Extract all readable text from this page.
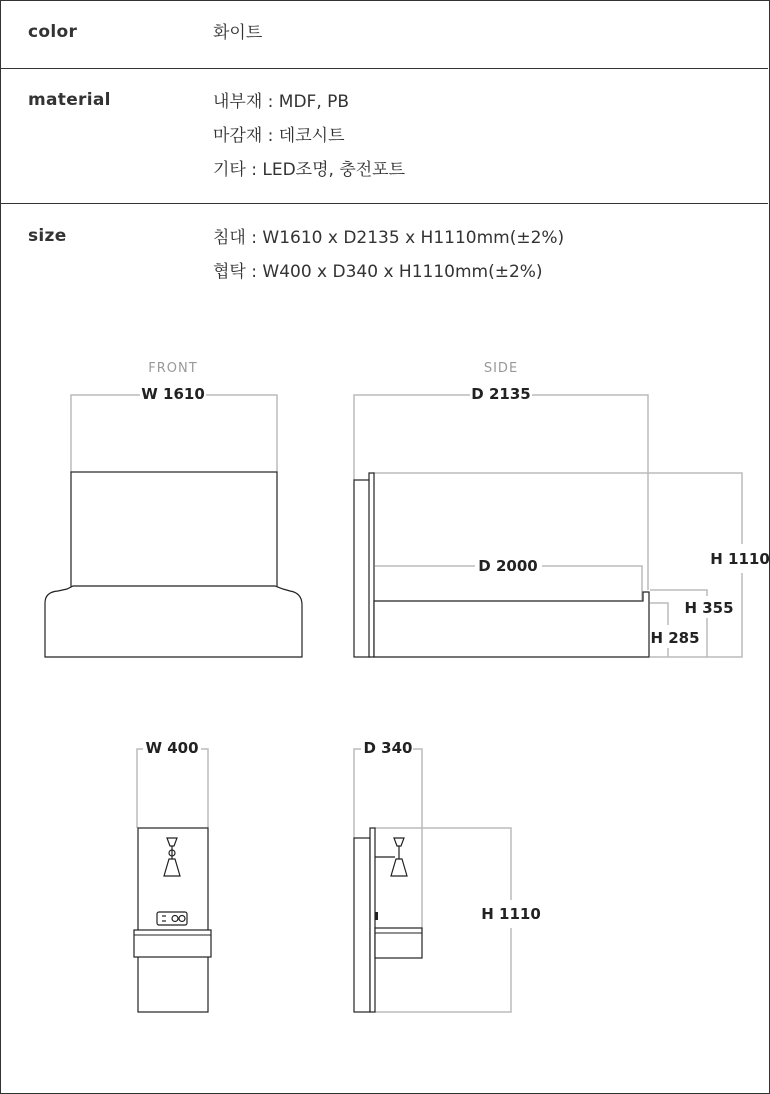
color	화이트
material	내부재 : MDF, PB
마감재 : 데코시트
기타 : LED조명, 충전포트
size	침대 : W1610 x D2135 x H1110mm(±2%)
협탁 : W400 x D340 x H1110mm(±2%)
FRONT
W 1610
SIDE
D 2135
H 1110
H 355
H 285
D 2000
W 400	D 340
H 1110
